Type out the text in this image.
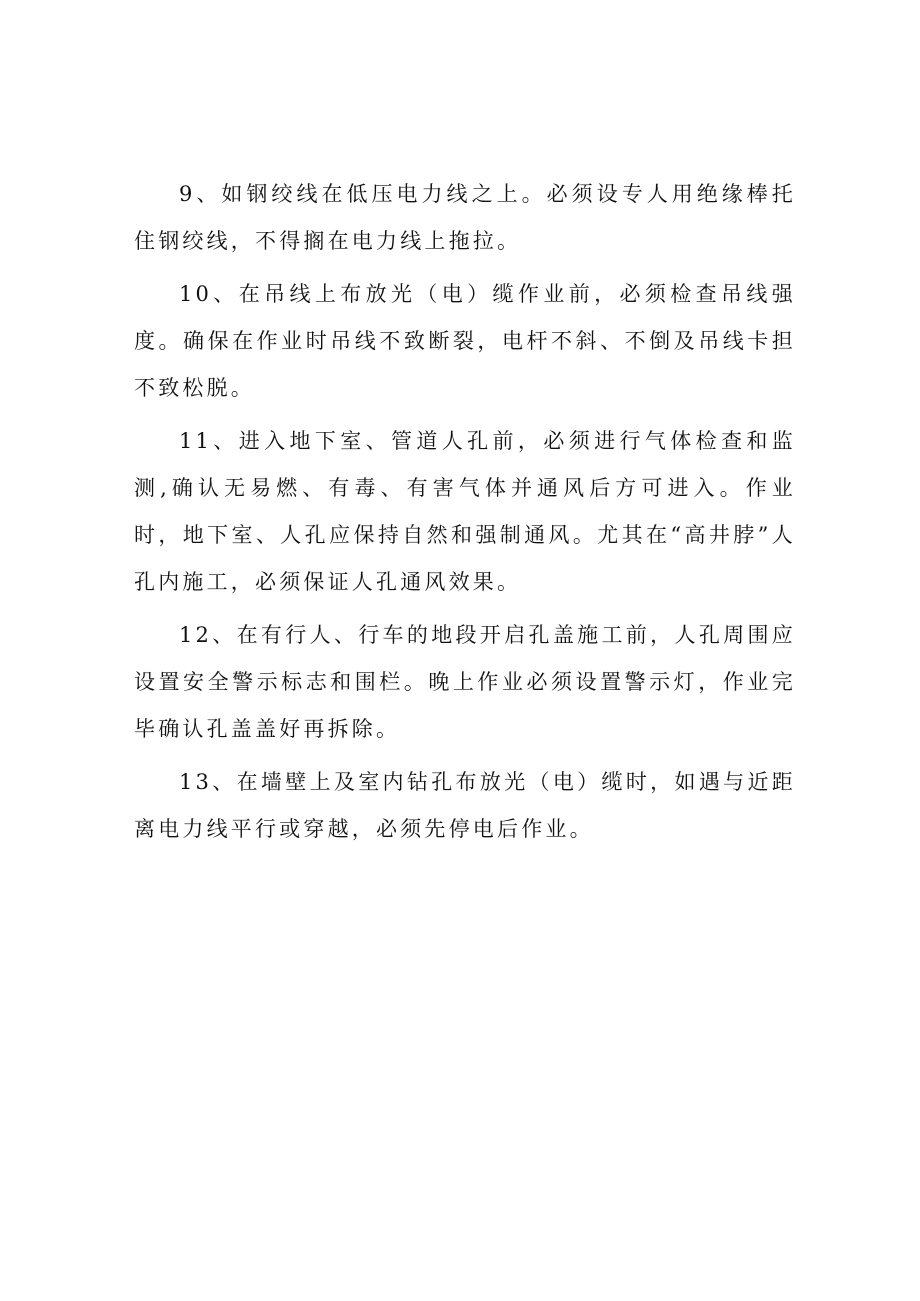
9、如钢绞线在低压电力线之上。必须设专人用绝缘棒托住钢绞线，不得搁在电力线上拖拉。

10、在吊线上布放光（电）缆作业前，必须检查吊线强度。确保在作业时吊线不致断裂，电杆不斜、不倒及吊线卡担不致松脱。

11、进入地下室、管道人孔前，必须进行气体检查和监测,确认无易燃、有毒、有害气体并通风后方可进入。作业时，地下室、人孔应保持自然和强制通风。尤其在“高井脖”人孔内施工，必须保证人孔通风效果。

12、在有行人、行车的地段开启孔盖施工前，人孔周围应设置安全警示标志和围栏。晚上作业必须设置警示灯，作业完毕确认孔盖盖好再拆除。

13、在墙壁上及室内钻孔布放光（电）缆时，如遇与近距离电力线平行或穿越，必须先停电后作业。
